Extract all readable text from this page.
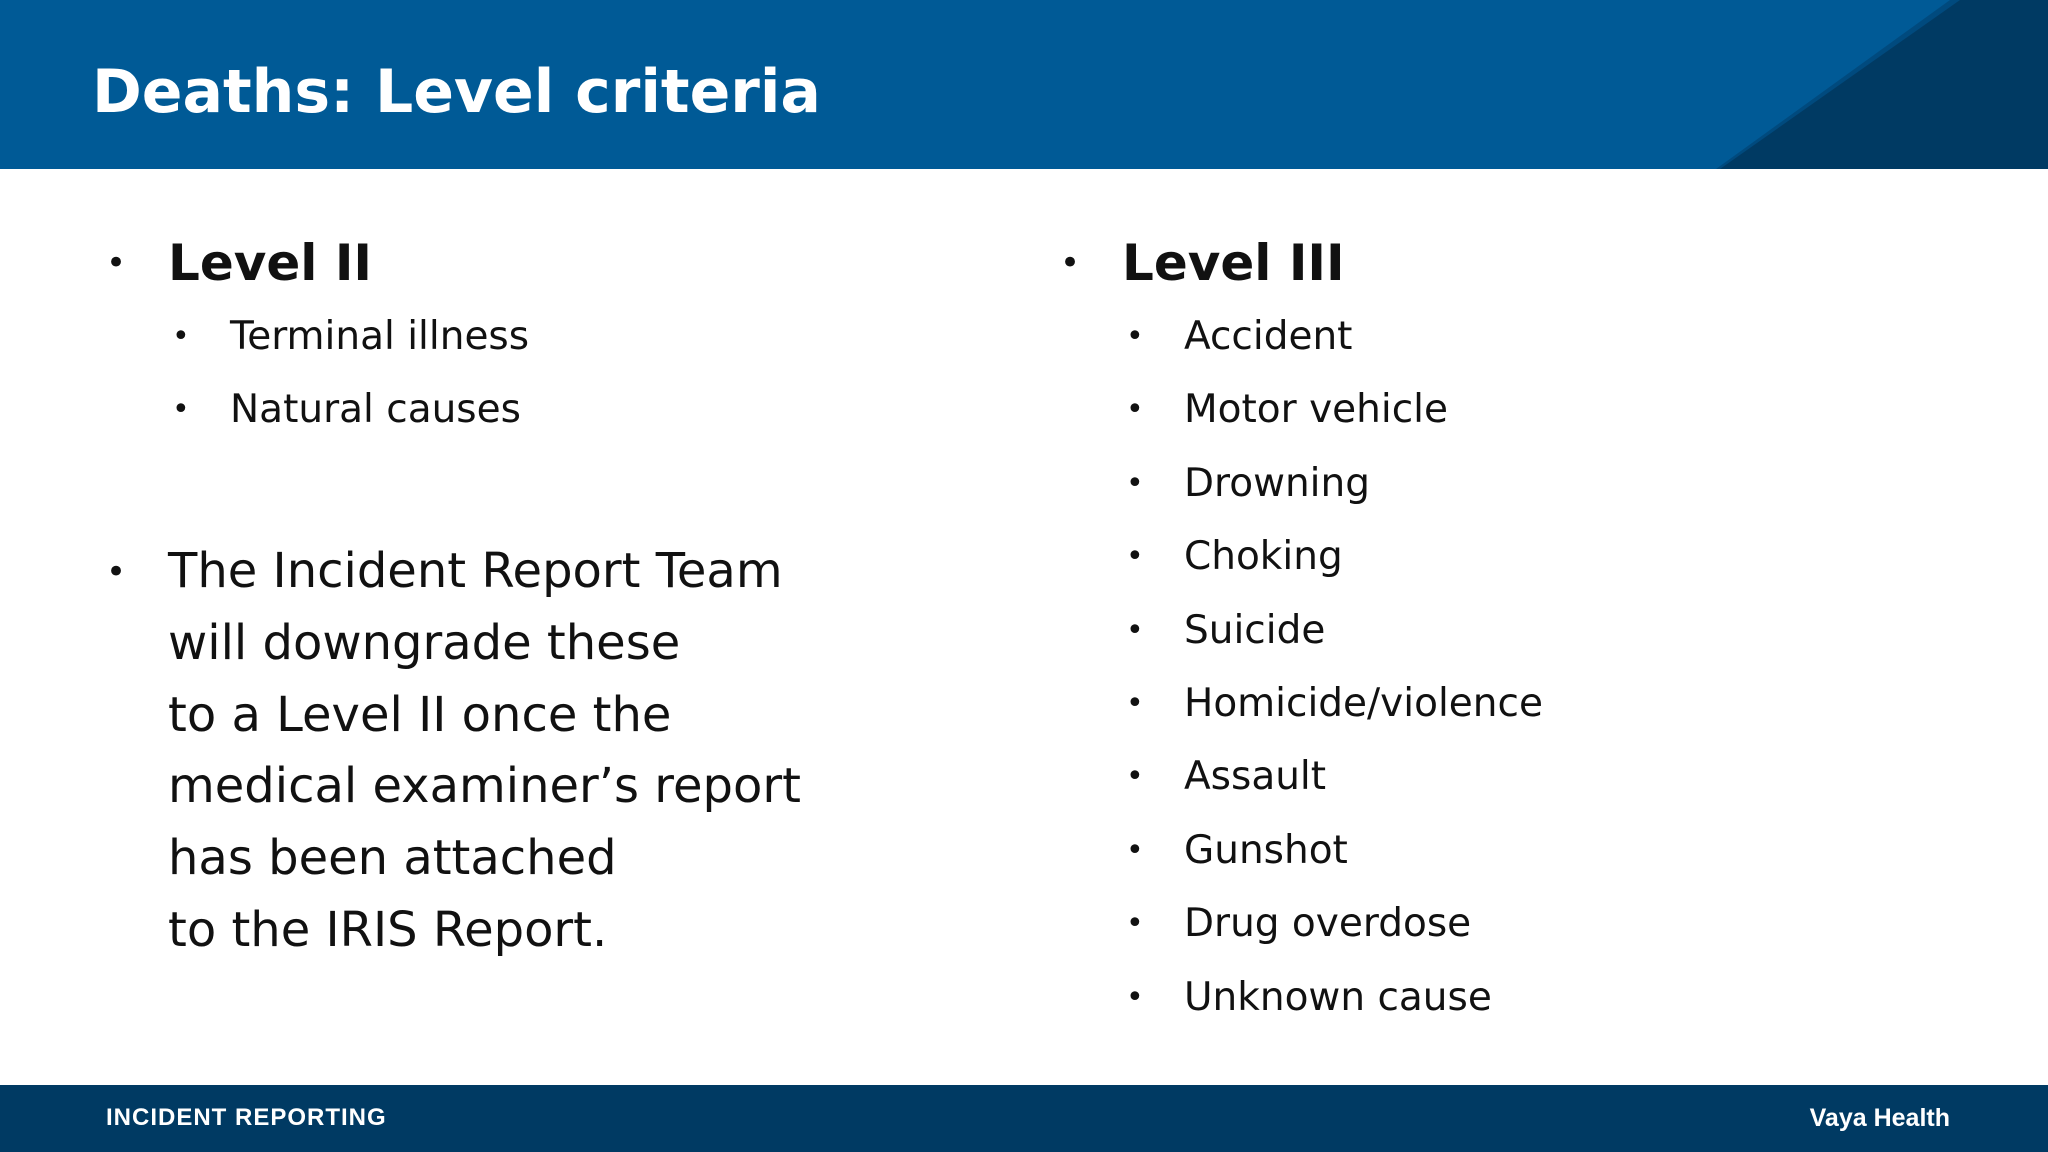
Deaths: Level criteria
• Level II
• Terminal illness
• Natural causes
• The Incident Report Team
will downgrade these
to a Level II once the
medical examiner’s report
has been attached
to the IRIS Report.

• Level III
• Accident
• Motor vehicle
• Drowning
• Choking
• Suicide
• Homicide/violence
• Assault
• Gunshot
• Drug overdose
• Unknown cause
INCIDENT REPORTING	Vaya Health
